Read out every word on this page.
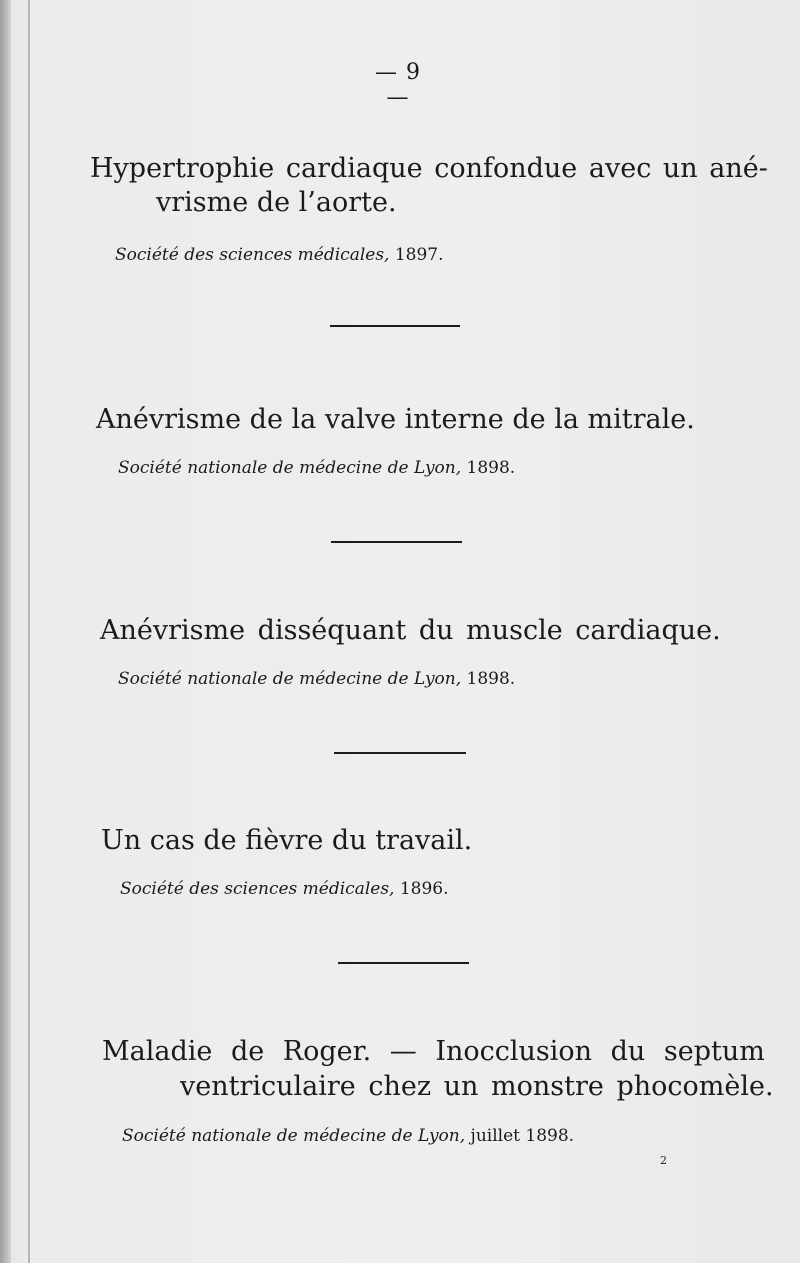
— 9 —
Hypertrophie cardiaque confondue avec un ané-
vrisme de l’aorte.
Société des sciences médicales, 1897.
Anévrisme de la valve interne de la mitrale.
Société nationale de médecine de Lyon, 1898.
Anévrisme disséquant du muscle cardiaque.
Société nationale de médecine de Lyon, 1898.
Un cas de fièvre du travail.
Société des sciences médicales, 1896.
Maladie de Roger. — Inocclusion du septum
ventriculaire chez un monstre phocomèle.
Société nationale de médecine de Lyon, juillet 1898.
2
